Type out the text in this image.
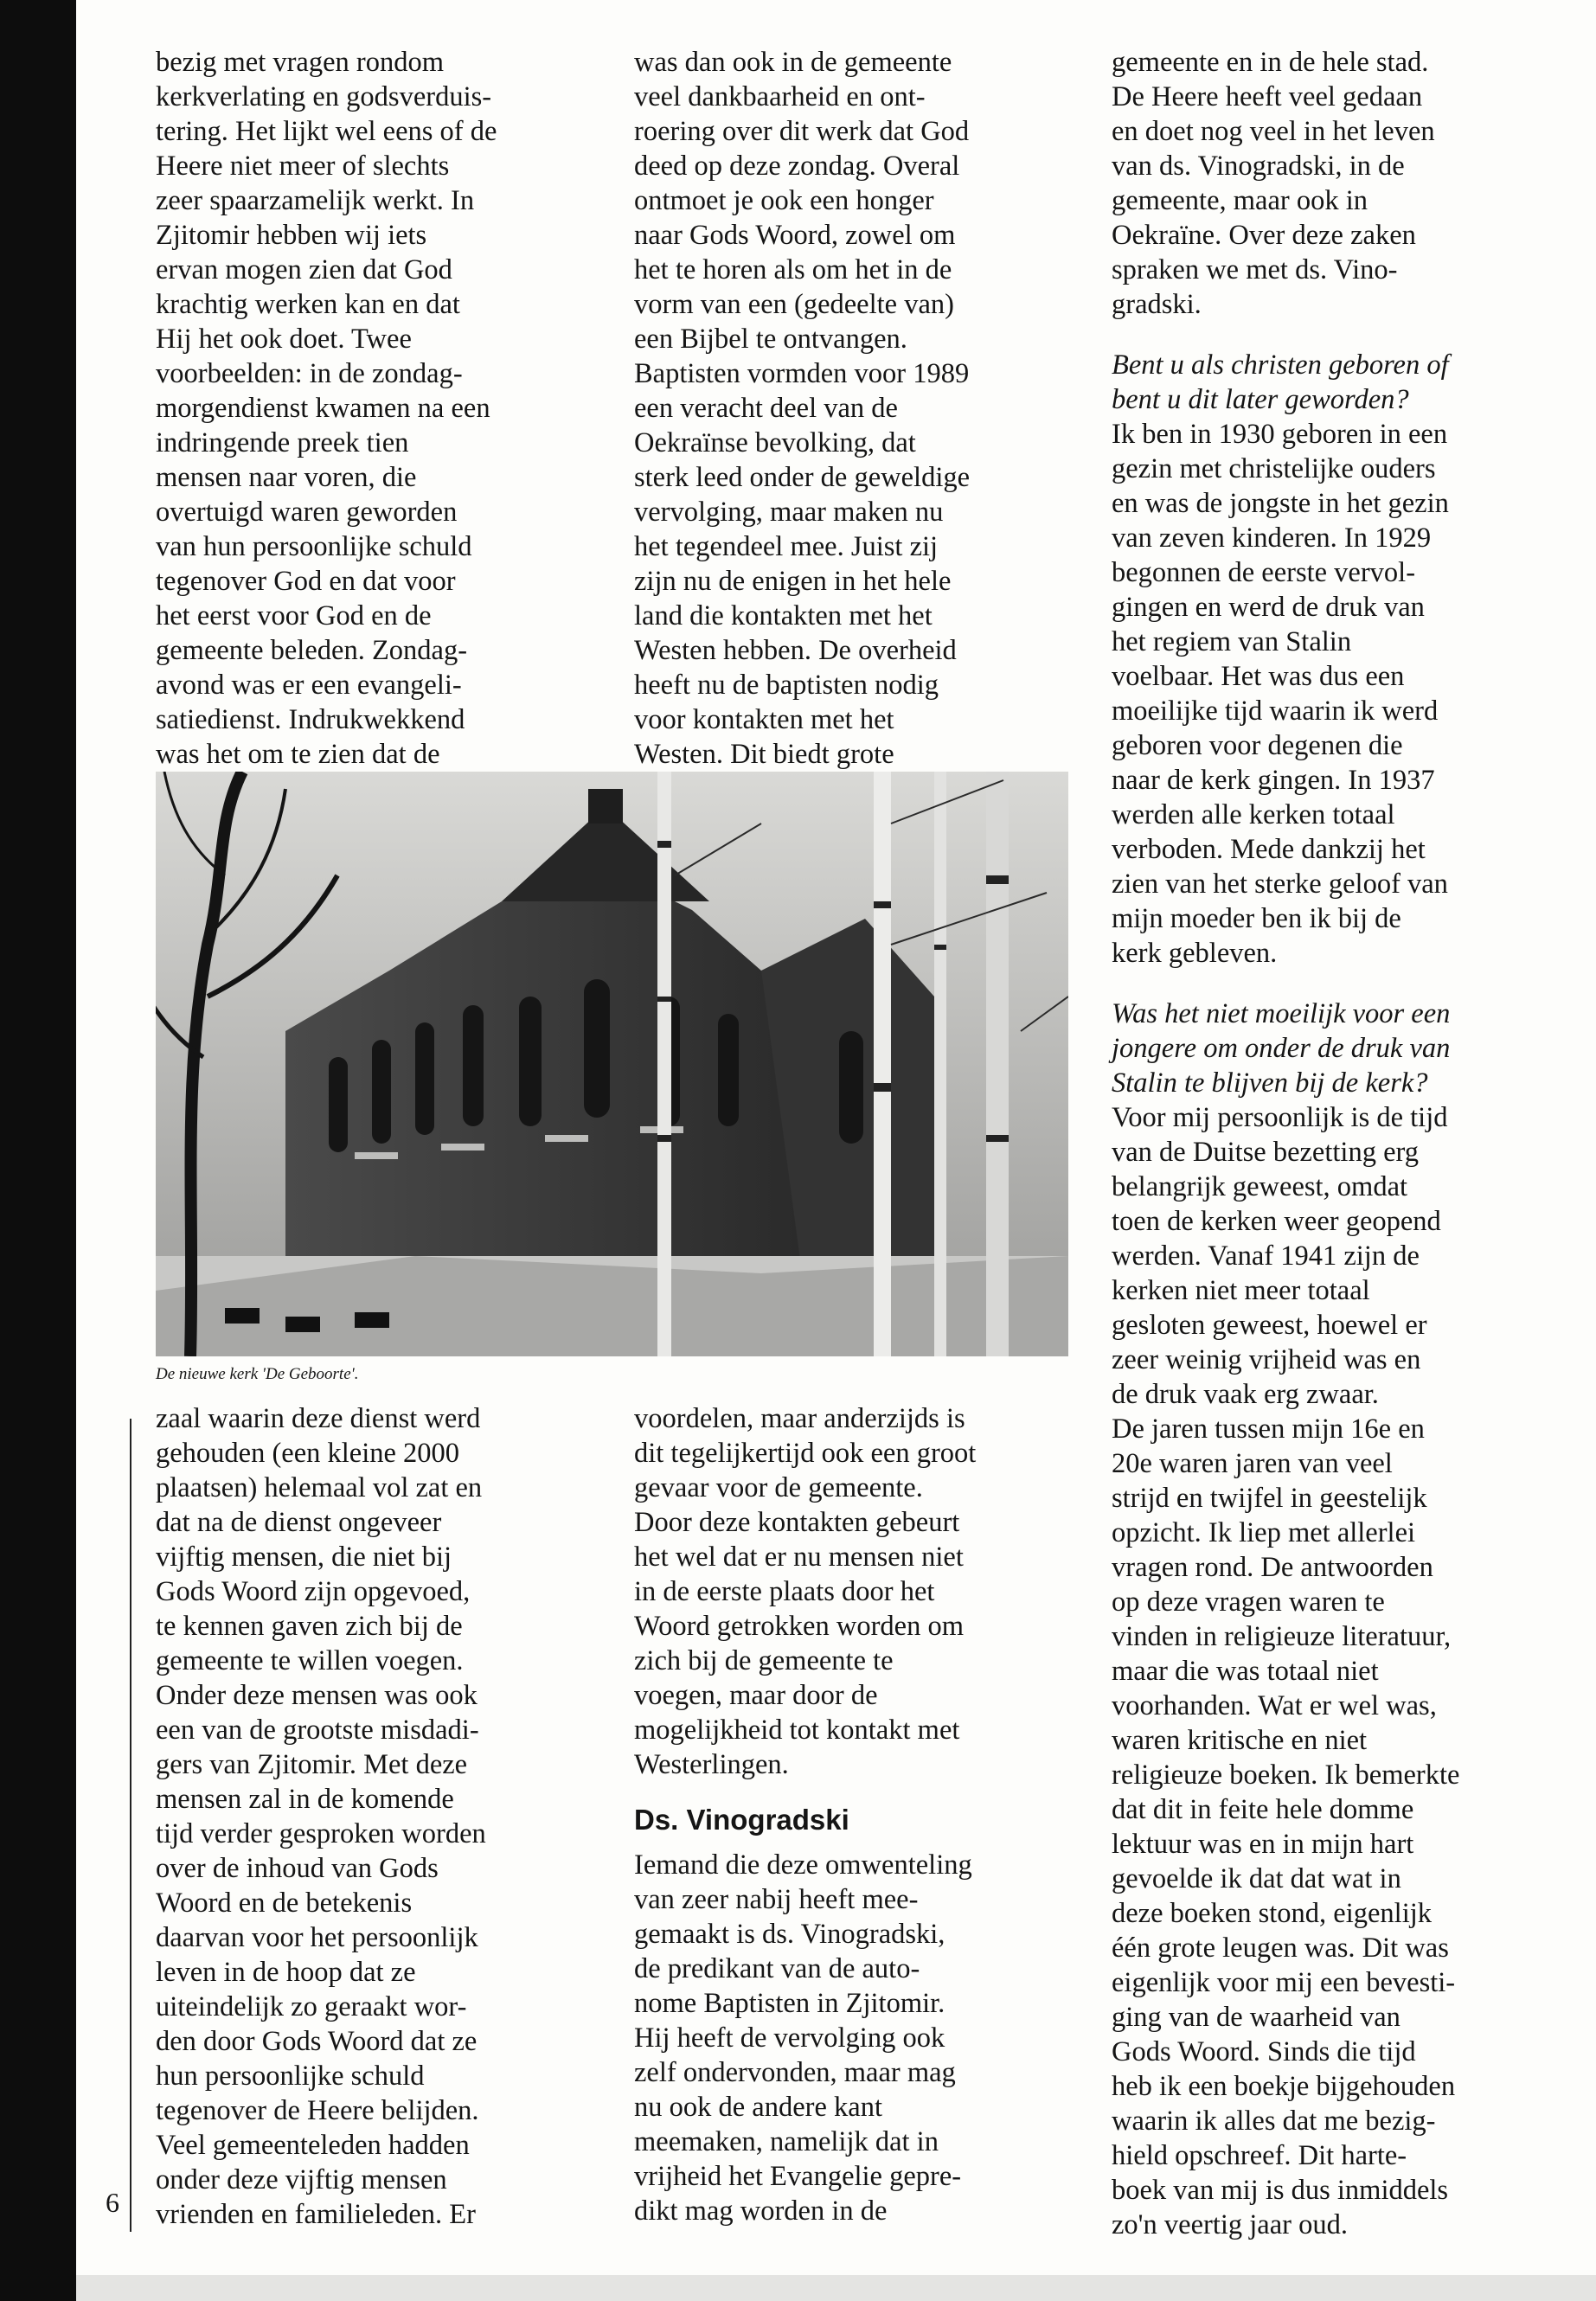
bezig met vragen rondom
kerkverlating en godsverduis-
tering. Het lijkt wel eens of de
Heere niet meer of slechts
zeer spaarzamelijk werkt. In
Zjitomir hebben wij iets
ervan mogen zien dat God
krachtig werken kan en dat
Hij het ook doet. Twee
voorbeelden: in de zondag-
morgendienst kwamen na een
indringende preek tien
mensen naar voren, die
overtuigd waren geworden
van hun persoonlijke schuld
tegenover God en dat voor
het eerst voor God en de
gemeente beleden. Zondag-
avond was er een evangeli-
satiedienst. Indrukwekkend
was het om te zien dat de

was dan ook in de gemeente
veel dankbaarheid en ont-
roering over dit werk dat God
deed op deze zondag. Overal
ontmoet je ook een honger
naar Gods Woord, zowel om
het te horen als om het in de
vorm van een (gedeelte van)
een Bijbel te ontvangen.
Baptisten vormden voor 1989
een veracht deel van de
Oekraïnse bevolking, dat
sterk leed onder de geweldige
vervolging, maar maken nu
het tegendeel mee. Juist zij
zijn nu de enigen in het hele
land die kontakten met het
Westen hebben. De overheid
heeft nu de baptisten nodig
voor kontakten met het
Westen. Dit biedt grote

gemeente en in de hele stad.
De Heere heeft veel gedaan
en doet nog veel in het leven
van ds. Vinogradski, in de
gemeente, maar ook in
Oekraïne. Over deze zaken
spraken we met ds. Vino-
gradski.

Bent u als christen geboren of
bent u dit later geworden?

Ik ben in 1930 geboren in een
gezin met christelijke ouders
en was de jongste in het gezin
van zeven kinderen. In 1929
begonnen de eerste vervol-
gingen en werd de druk van
het regiem van Stalin
voelbaar. Het was dus een
moeilijke tijd waarin ik werd
geboren voor degenen die
naar de kerk gingen. In 1937
werden alle kerken totaal
verboden. Mede dankzij het
zien van het sterke geloof van
mijn moeder ben ik bij de
kerk gebleven.

Was het niet moeilijk voor een
jongere om onder de druk van
Stalin te blijven bij de kerk?

Voor mij persoonlijk is de tijd
van de Duitse bezetting erg
belangrijk geweest, omdat
toen de kerken weer geopend
werden. Vanaf 1941 zijn de
kerken niet meer totaal
gesloten geweest, hoewel er
zeer weinig vrijheid was en
de druk vaak erg zwaar.
De jaren tussen mijn 16e en
20e waren jaren van veel
strijd en twijfel in geestelijk
opzicht. Ik liep met allerlei
vragen rond. De antwoorden
op deze vragen waren te
vinden in religieuze literatuur,
maar die was totaal niet
voorhanden. Wat er wel was,
waren kritische en niet
religieuze boeken. Ik bemerkte
dat dit in feite hele domme
lektuur was en in mijn hart
gevoelde ik dat dat wat in
deze boeken stond, eigenlijk
één grote leugen was. Dit was
eigenlijk voor mij een bevesti-
ging van de waarheid van
Gods Woord. Sinds die tijd
heb ik een boekje bijgehouden
waarin ik alles dat me bezig-
hield opschreef. Dit harte-
boek van mij is dus inmiddels
zo'n veertig jaar oud.

De nieuwe kerk 'De Geboorte'.

zaal waarin deze dienst werd
gehouden (een kleine 2000
plaatsen) helemaal vol zat en
dat na de dienst ongeveer
vijftig mensen, die niet bij
Gods Woord zijn opgevoed,
te kennen gaven zich bij de
gemeente te willen voegen.
Onder deze mensen was ook
een van de grootste misdadi-
gers van Zjitomir. Met deze
mensen zal in de komende
tijd verder gesproken worden
over de inhoud van Gods
Woord en de betekenis
daarvan voor het persoonlijk
leven in de hoop dat ze
uiteindelijk zo geraakt wor-
den door Gods Woord dat ze
hun persoonlijke schuld
tegenover de Heere belijden.
Veel gemeenteleden hadden
onder deze vijftig mensen
vrienden en familieleden. Er

voordelen, maar anderzijds is
dit tegelijkertijd ook een groot
gevaar voor de gemeente.
Door deze kontakten gebeurt
het wel dat er nu mensen niet
in de eerste plaats door het
Woord getrokken worden om
zich bij de gemeente te
voegen, maar door de
mogelijkheid tot kontakt met
Westerlingen.

Ds. Vinogradski

Iemand die deze omwenteling
van zeer nabij heeft mee-
gemaakt is ds. Vinogradski,
de predikant van de auto-
nome Baptisten in Zjitomir.
Hij heeft de vervolging ook
zelf ondervonden, maar mag
nu ook de andere kant
meemaken, namelijk dat in
vrijheid het Evangelie gepre-
dikt mag worden in de

6
